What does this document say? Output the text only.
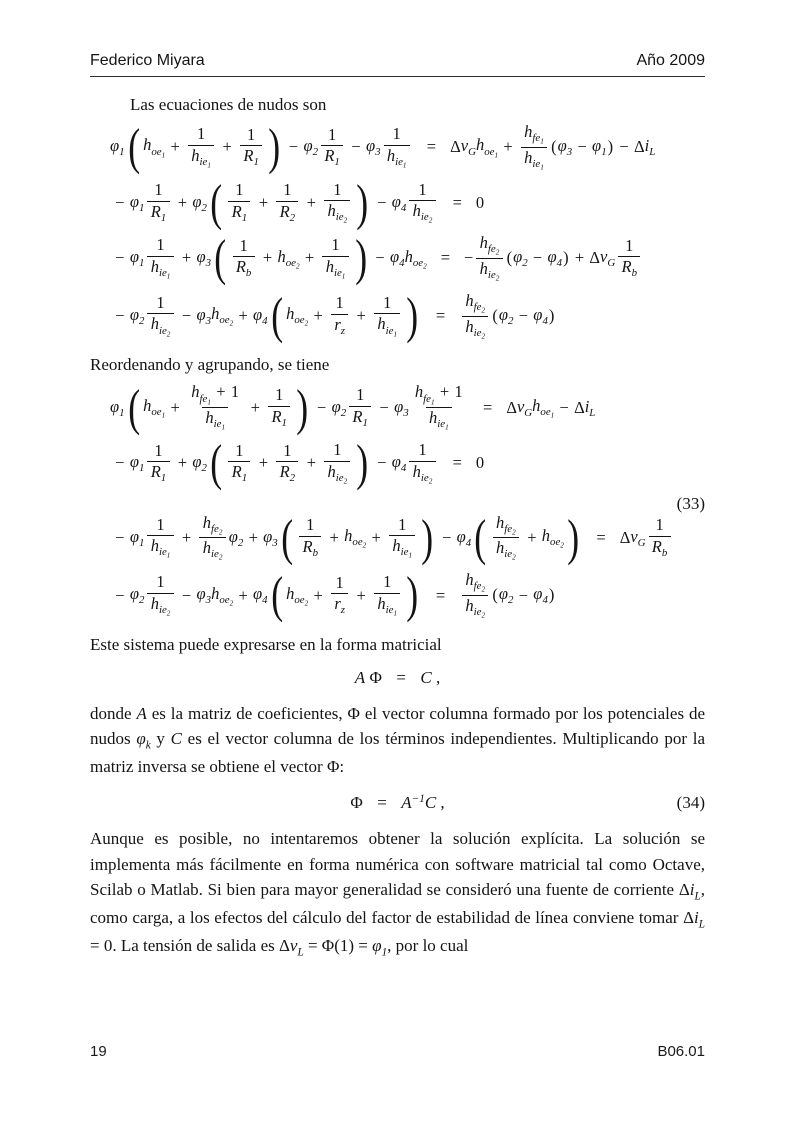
Federico Miyara	Año 2009

Las ecuaciones de nudos son

$\varphi_1$ ( $h_{oe_1} + \frac{1}{h_{ie_1}} + \frac{1}{R_1}$ ) − $\varphi_2 \frac{1}{R_1} - \varphi_3 \frac{1}{h_{ie_1}} = \Delta$ $v_G$ $h_{oe_1} + \frac{h_{fe_1}}{h_{ie_1}}$ ( $\varphi_3 - \varphi_1$ ) − Δ $i_L$
− $\varphi_1 \frac{1}{R_1} + \varphi_2$ ( $\frac{1}{R_1} + \frac{1}{R_2} + \frac{1}{h_{ie_2}}$ ) − $\varphi_4 \frac{1}{h_{ie_2}} = 0$
− $\varphi_1 \frac{1}{h_{ie_1}} + \varphi_3$ ( $\frac{1}{R_b} + h_{oe_2} + \frac{1}{h_{ie_1}}$ ) − $\varphi_4$ $h_{oe_2}$ = − $\frac{h_{fe_2}}{h_{ie_2}}$ ( $\varphi_2 - \varphi_4$ ) + Δ $v_G \frac{1}{R_b}$
− $\varphi_2 \frac{1}{h_{ie_2}} - \varphi_3$ $h_{oe_2} + \varphi_4$ ( $h_{oe_2} + \frac{1}{r_z} + \frac{1}{h_{ie_1}}$ ) = $\frac{h_{fe_2}}{h_{ie_2}}$ ( $\varphi_2 - \varphi_4$ )

Reordenando y agrupando, se tiene

$\varphi_1$ ( $h_{oe_1} + \frac{h_{fe_1}+ 1}{h_{ie_1}} + \frac{1}{R_1}$ ) − $\varphi_2 \frac{1}{R_1} - \varphi_3 \frac{h_{fe_1}+ 1}{h_{ie_1}} = \Delta$ $v_G$ $h_{oe_1} - \Delta$ $i_L$
− $\varphi_1 \frac{1}{R_1} + \varphi_2$ ( $\frac{1}{R_1} + \frac{1}{R_2} + \frac{1}{h_{ie_2}}$ ) − $\varphi_4 \frac{1}{h_{ie_2}} = 0$
(33)
− $\varphi_1 \frac{1}{h_{ie_1}} + \frac{h_{fe_2}}{h_{ie_2}} \varphi_2 + \varphi_3$ ( $\frac{1}{R_b} + h_{oe_2} + \frac{1}{h_{ie_1}}$ ) − $\varphi_4$ ( $\frac{h_{fe_2}}{h_{ie_2}} + h_{oe_2}$ ) = Δ $v_G \frac{1}{R_b}$
− $\varphi_2 \frac{1}{h_{ie_2}} - \varphi_3$ $h_{oe_2} + \varphi_4$ ( $h_{oe_2} + \frac{1}{r_z} + \frac{1}{h_{ie_1}}$ ) = $\frac{h_{fe_2}}{h_{ie_2}}$ ( $\varphi_2 - \varphi_4$ )

Este sistema puede expresarse en la forma matricial

A Φ = C ,

donde A es la matriz de coeficientes, Φ el vector columna formado por los potenciales de nudos $\varphi_k$ y C es el vector columna de los términos independientes. Multiplicando por la matriz inversa se obtiene el vector Φ:

$\Phi = A^{-1}C$ ,	(34)

Aunque es posible, no intentaremos obtener la solución explícita. La solución se implementa más fácilmente en forma numérica con software matricial tal como Octave, Scilab o Matlab. Si bien para mayor generalidad se consideró una fuente de corriente $\Delta i_L$, como carga, a los efectos del cálculo del factor de estabilidad de línea conviene tomar $\Delta i_L = 0$. La tensión de salida es $\Delta v_L = \Phi(1) = \varphi_1$, por lo cual

19	B06.01
